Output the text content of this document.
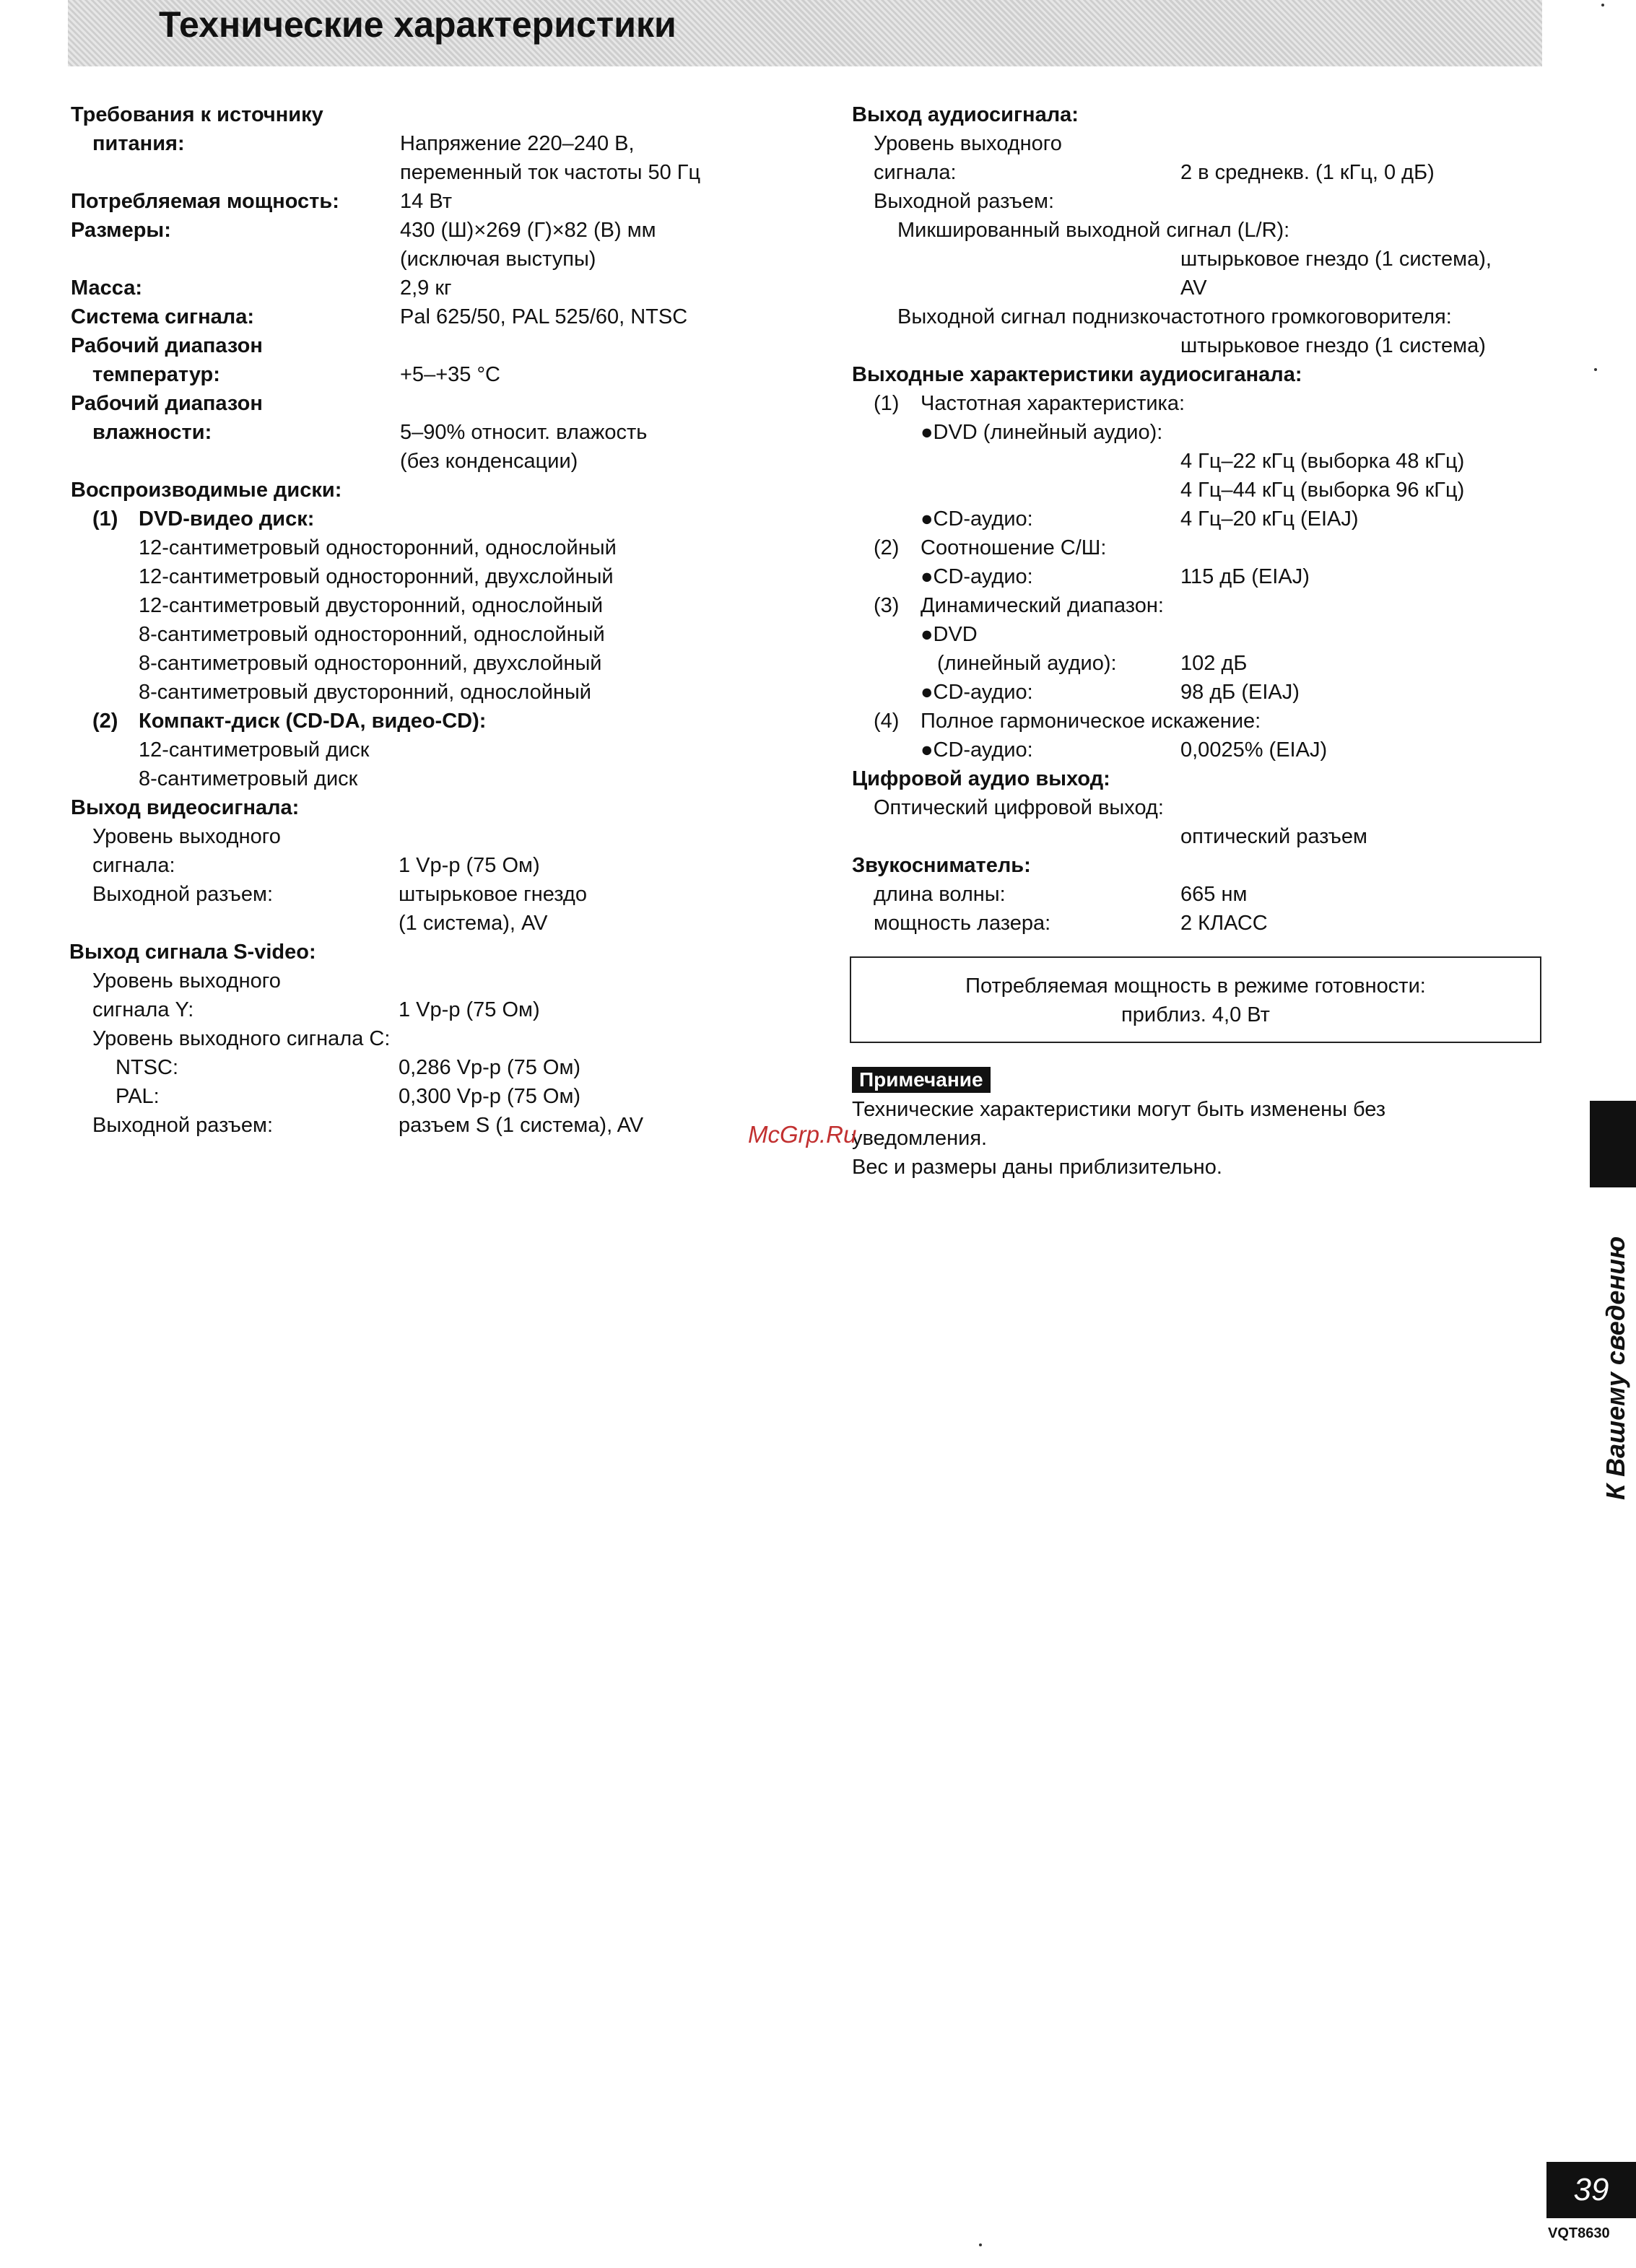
Технические характеристики
Требования к источнику
питания:	Напряжение 220–240 В,
переменный ток частоты 50 Гц
Потребляемая мощность:	14 Вт
Размеры:	430 (Ш)×269 (Г)×82 (В) мм
(исключая выступы)
Масса:	2,9 кг
Система сигнала:	Pal 625/50, PAL 525/60, NTSC
Рабочий диапазон
температур:	+5–+35 °С
Рабочий диапазон
влажности:	5–90% относит. влажость
(без конденсации)
Воспроизводимые диски:
(1) DVD-видео диск:
12-сантиметровый односторонний, однослойный
12-сантиметровый односторонний, двухслойный
12-сантиметровый двусторонний, однослойный
8-сантиметровый односторонний, однослойный
8-сантиметровый односторонний, двухслойный
8-сантиметровый двусторонний, однослойный
(2) Компакт-диск (CD-DA, видео-CD):
12-сантиметровый диск
8-сантиметровый диск
Выход видеосигнала:
Уровень выходного
сигнала:	1 Vp-p (75 Ом)
Выходной разъем:	штырьковое гнездо
(1 система), AV
Выход сигнала S-video:
Уровень выходного
сигнала Y:	1 Vp-p (75 Ом)
Уровень выходного сигнала С:
NTSC:	0,286 Vp-p (75 Ом)
PAL:	0,300 Vp-p (75 Ом)
Выходной разъем:	разъем S (1 система), AV
Выход аудиосигнала:
Уровень выходного
сигнала:	2 в среднекв. (1 кГц, 0 дБ)
Выходной разъем:
Микшированный выходной сигнал (L/R):
штырьковое гнездо (1 система),
AV
Выходной сигнал поднизкочастотного громкоговорителя:
штырьковое гнездо (1 система)
Выходные характеристики аудиосиганала:
(1) Частотная характеристика:
●DVD (линейный аудио):
4 Гц–22 кГц (выборка 48 кГц)
4 Гц–44 кГц (выборка 96 кГц)
●CD-аудио:	4 Гц–20 кГц (EIAJ)
(2) Соотношение С/Ш:
●CD-аудио:	115 дБ (EIAJ)
(3) Динамический диапазон:
●DVD
(линейный аудио):	102 дБ
●CD-аудио:	98 дБ (EIAJ)
(4) Полное гармоническое искажение:
●CD-аудио:	0,0025% (EIAJ)
Цифровой аудио выход:
Оптический цифровой выход:
оптический разъем
Звукосниматель:
длина волны:	665 нм
мощность лазера:	2 КЛАСС
Потребляемая мощность в режиме готовности:
приблиз. 4,0 Вт
Примечание
Технические характеристики могут быть изменены без
уведомления.
Вес и размеры даны приблизительно.
McGrp.Ru
К Вашему сведению
39
VQT8630
